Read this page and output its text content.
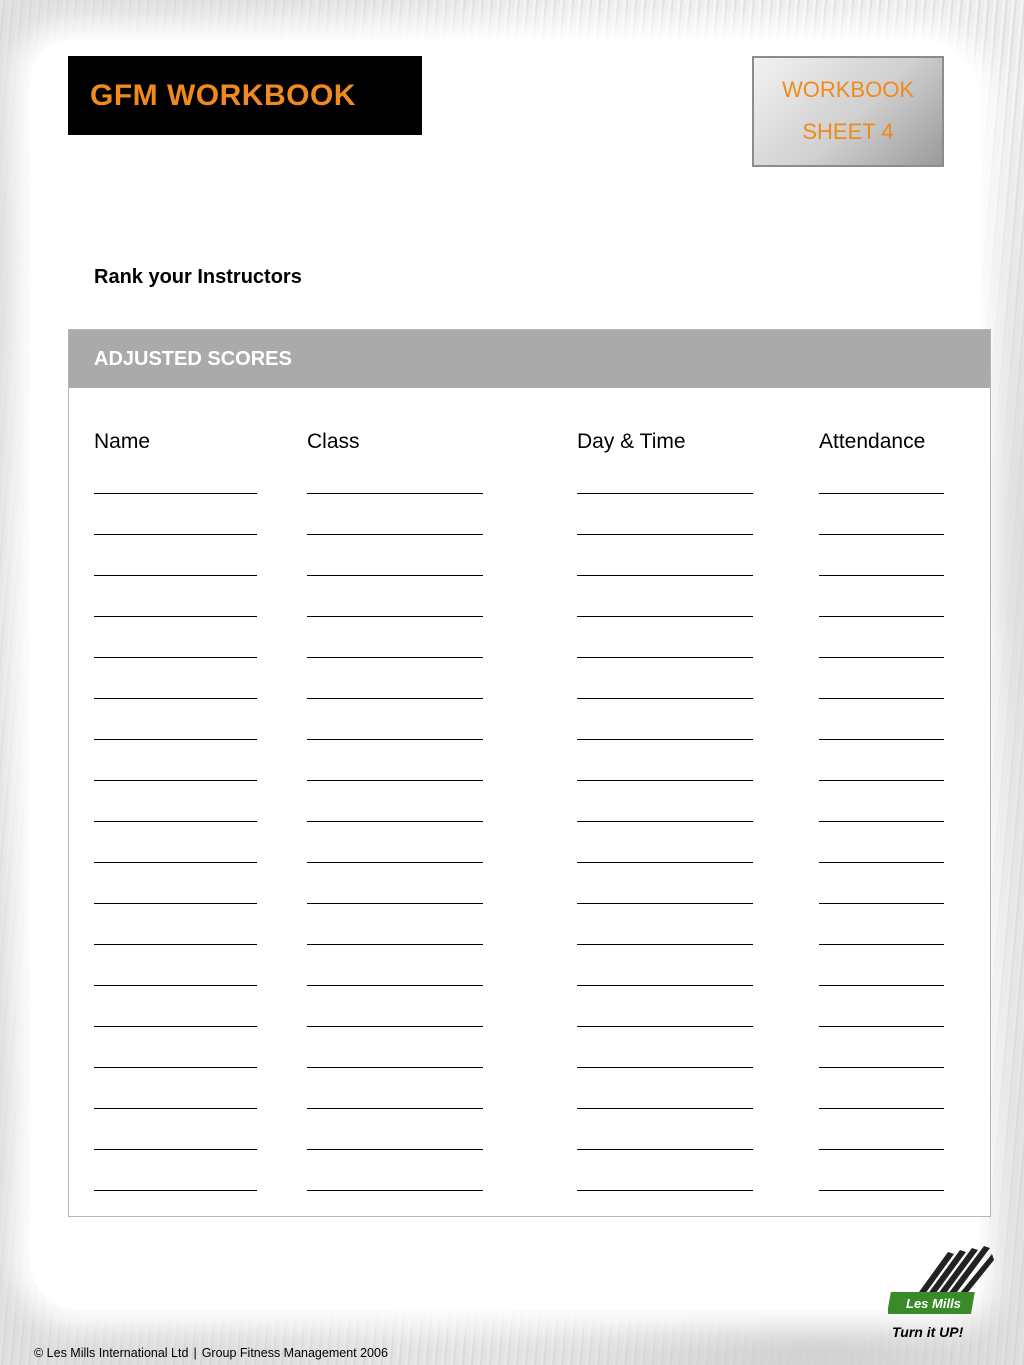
GFM WORKBOOK	WORKBOOK
SHEET 4
Rank your Instructors
ADJUSTED SCORES
Name	Class	Day & Time	Attendance
© Les Mills International Ltd | Group Fitness Management 2006
Les Mills
Turn it UP!
